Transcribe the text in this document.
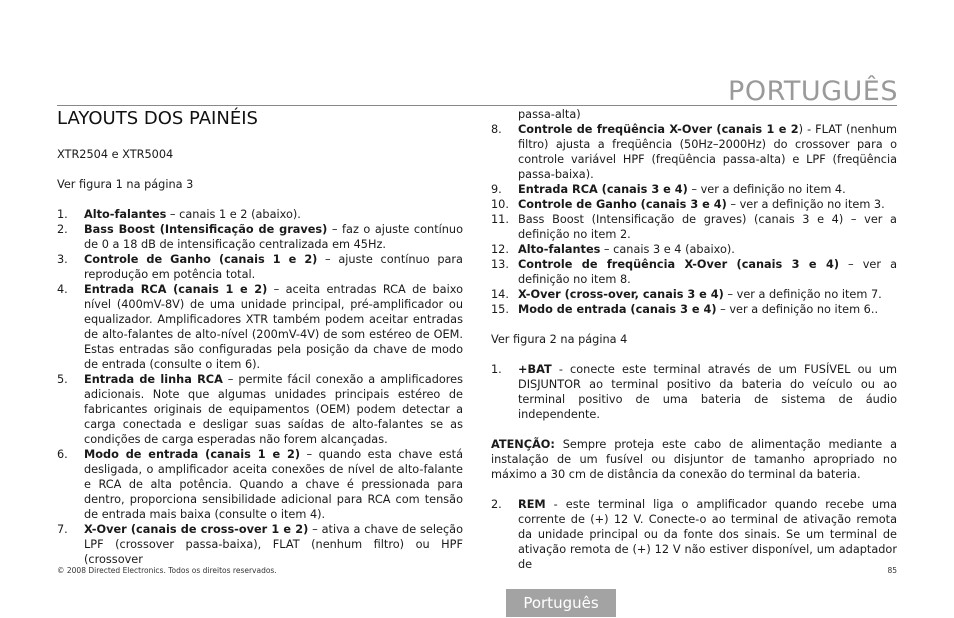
PORTUGUÊS
LAYOUTS DOS PAINÉIS

XTR2504 e XTR5004

Ver figura 1 na página 3

1.	Alto-falantes – canais 1 e 2 (abaixo).
2.	Bass Boost (Intensificação de graves) – faz o ajuste contínuo de 0 a 18 dB de intensificação centralizada em 45Hz.
3.	Controle de Ganho (canais 1 e 2) – ajuste contínuo para reprodução em potência total.
4.	Entrada RCA (canais 1 e 2) – aceita entradas RCA de baixo nível (400mV-8V) de uma unidade principal, pré-amplificador ou equalizador. Amplificadores XTR também podem aceitar entradas de alto-falantes de alto-nível (200mV-4V) de som estéreo de OEM. Estas entradas são configuradas pela posição da chave de modo de entrada (consulte o item 6).
5.	Entrada de linha RCA – permite fácil conexão a amplificadores adicionais. Note que algumas unidades principais estéreo de fabricantes originais de equipamentos (OEM) podem detectar a carga conectada e desligar suas saídas de alto-falantes se as condições de carga esperadas não forem alcançadas.
6.	Modo de entrada (canais 1 e 2) – quando esta chave está desligada, o amplificador aceita conexões de nível de alto-falante e RCA de alta potência. Quando a chave é pressionada para dentro, proporciona sensibilidade adicional para RCA com tensão de entrada mais baixa (consulte o item 4).
7.	X-Over (canais de cross-over 1 e 2) – ativa a chave de seleção LPF (crossover passa-baixa), FLAT (nenhum filtro) ou HPF (crossover

passa-alta)

8.	Controle de freqüência X-Over (canais 1 e 2) - FLAT (nenhum filtro) ajusta a freqüência (50Hz–2000Hz) do crossover para o controle variável HPF (freqüência passa-alta) e LPF (freqüência passa-baixa).
9.	Entrada RCA (canais 3 e 4) – ver a definição no item 4.
10. Controle de Ganho (canais 3 e 4) – ver a definição no item 3.
11. Bass Boost (Intensificação de graves) (canais 3 e 4) – ver a definição no item 2.
12. Alto-falantes – canais 3 e 4 (abaixo).
13. Controle de freqüência X-Over (canais 3 e 4) – ver a definição no item 8.
14. X-Over (cross-over, canais 3 e 4) – ver a definição no item 7.
15. Modo de entrada (canais 3 e 4) – ver a definição no item 6..

Ver figura 2 na página 4

1.	+BAT - conecte este terminal através de um FUSÍVEL ou um DISJUNTOR ao terminal positivo da bateria do veículo ou ao terminal positivo de uma bateria de sistema de áudio independente.

ATENÇÃO: Sempre proteja este cabo de alimentação mediante a instalação de um fusível ou disjuntor de tamanho apropriado no máximo a 30 cm de distância da conexão do terminal da bateria.

2.	REM - este terminal liga o amplificador quando recebe uma corrente de (+) 12 V. Conecte-o ao terminal de ativação remota da unidade principal ou da fonte dos sinais. Se um terminal de ativação remota de (+) 12 V não estiver disponível, um adaptador de
© 2008 Directed Electronics. Todos os direitos reservados.	85
Português
